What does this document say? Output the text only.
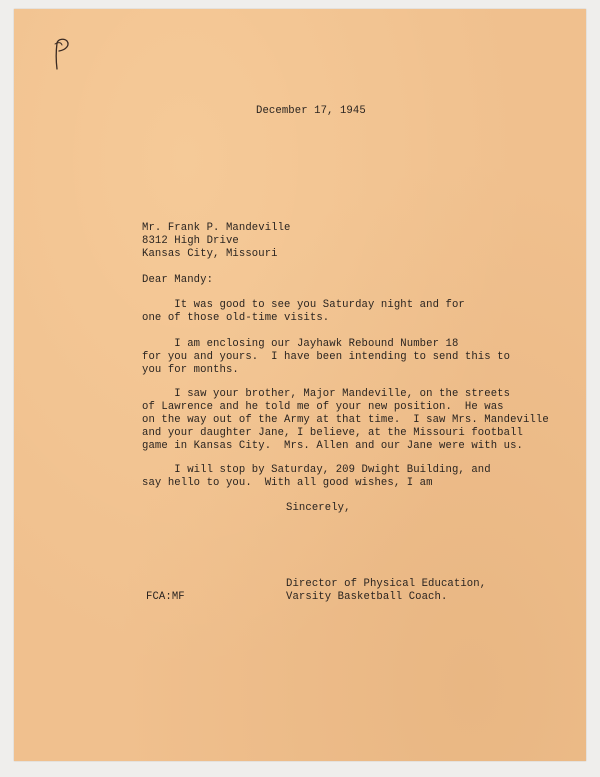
December 17, 1945
Mr. Frank P. Mandeville
8312 High Drive
Kansas City, Missouri
Dear Mandy:
It was good to see you Saturday night and for
one of those old-time visits.
I am enclosing our Jayhawk Rebound Number 18
for you and yours.  I have been intending to send this to
you for months.
I saw your brother, Major Mandeville, on the streets
of Lawrence and he told me of your new position.  He was
on the way out of the Army at that time.  I saw Mrs. Mandeville
and your daughter Jane, I believe, at the Missouri football
game in Kansas City.  Mrs. Allen and our Jane were with us.
I will stop by Saturday, 209 Dwight Building, and
say hello to you.  With all good wishes, I am
Sincerely,
Director of Physical Education,
Varsity Basketball Coach.
FCA:MF
